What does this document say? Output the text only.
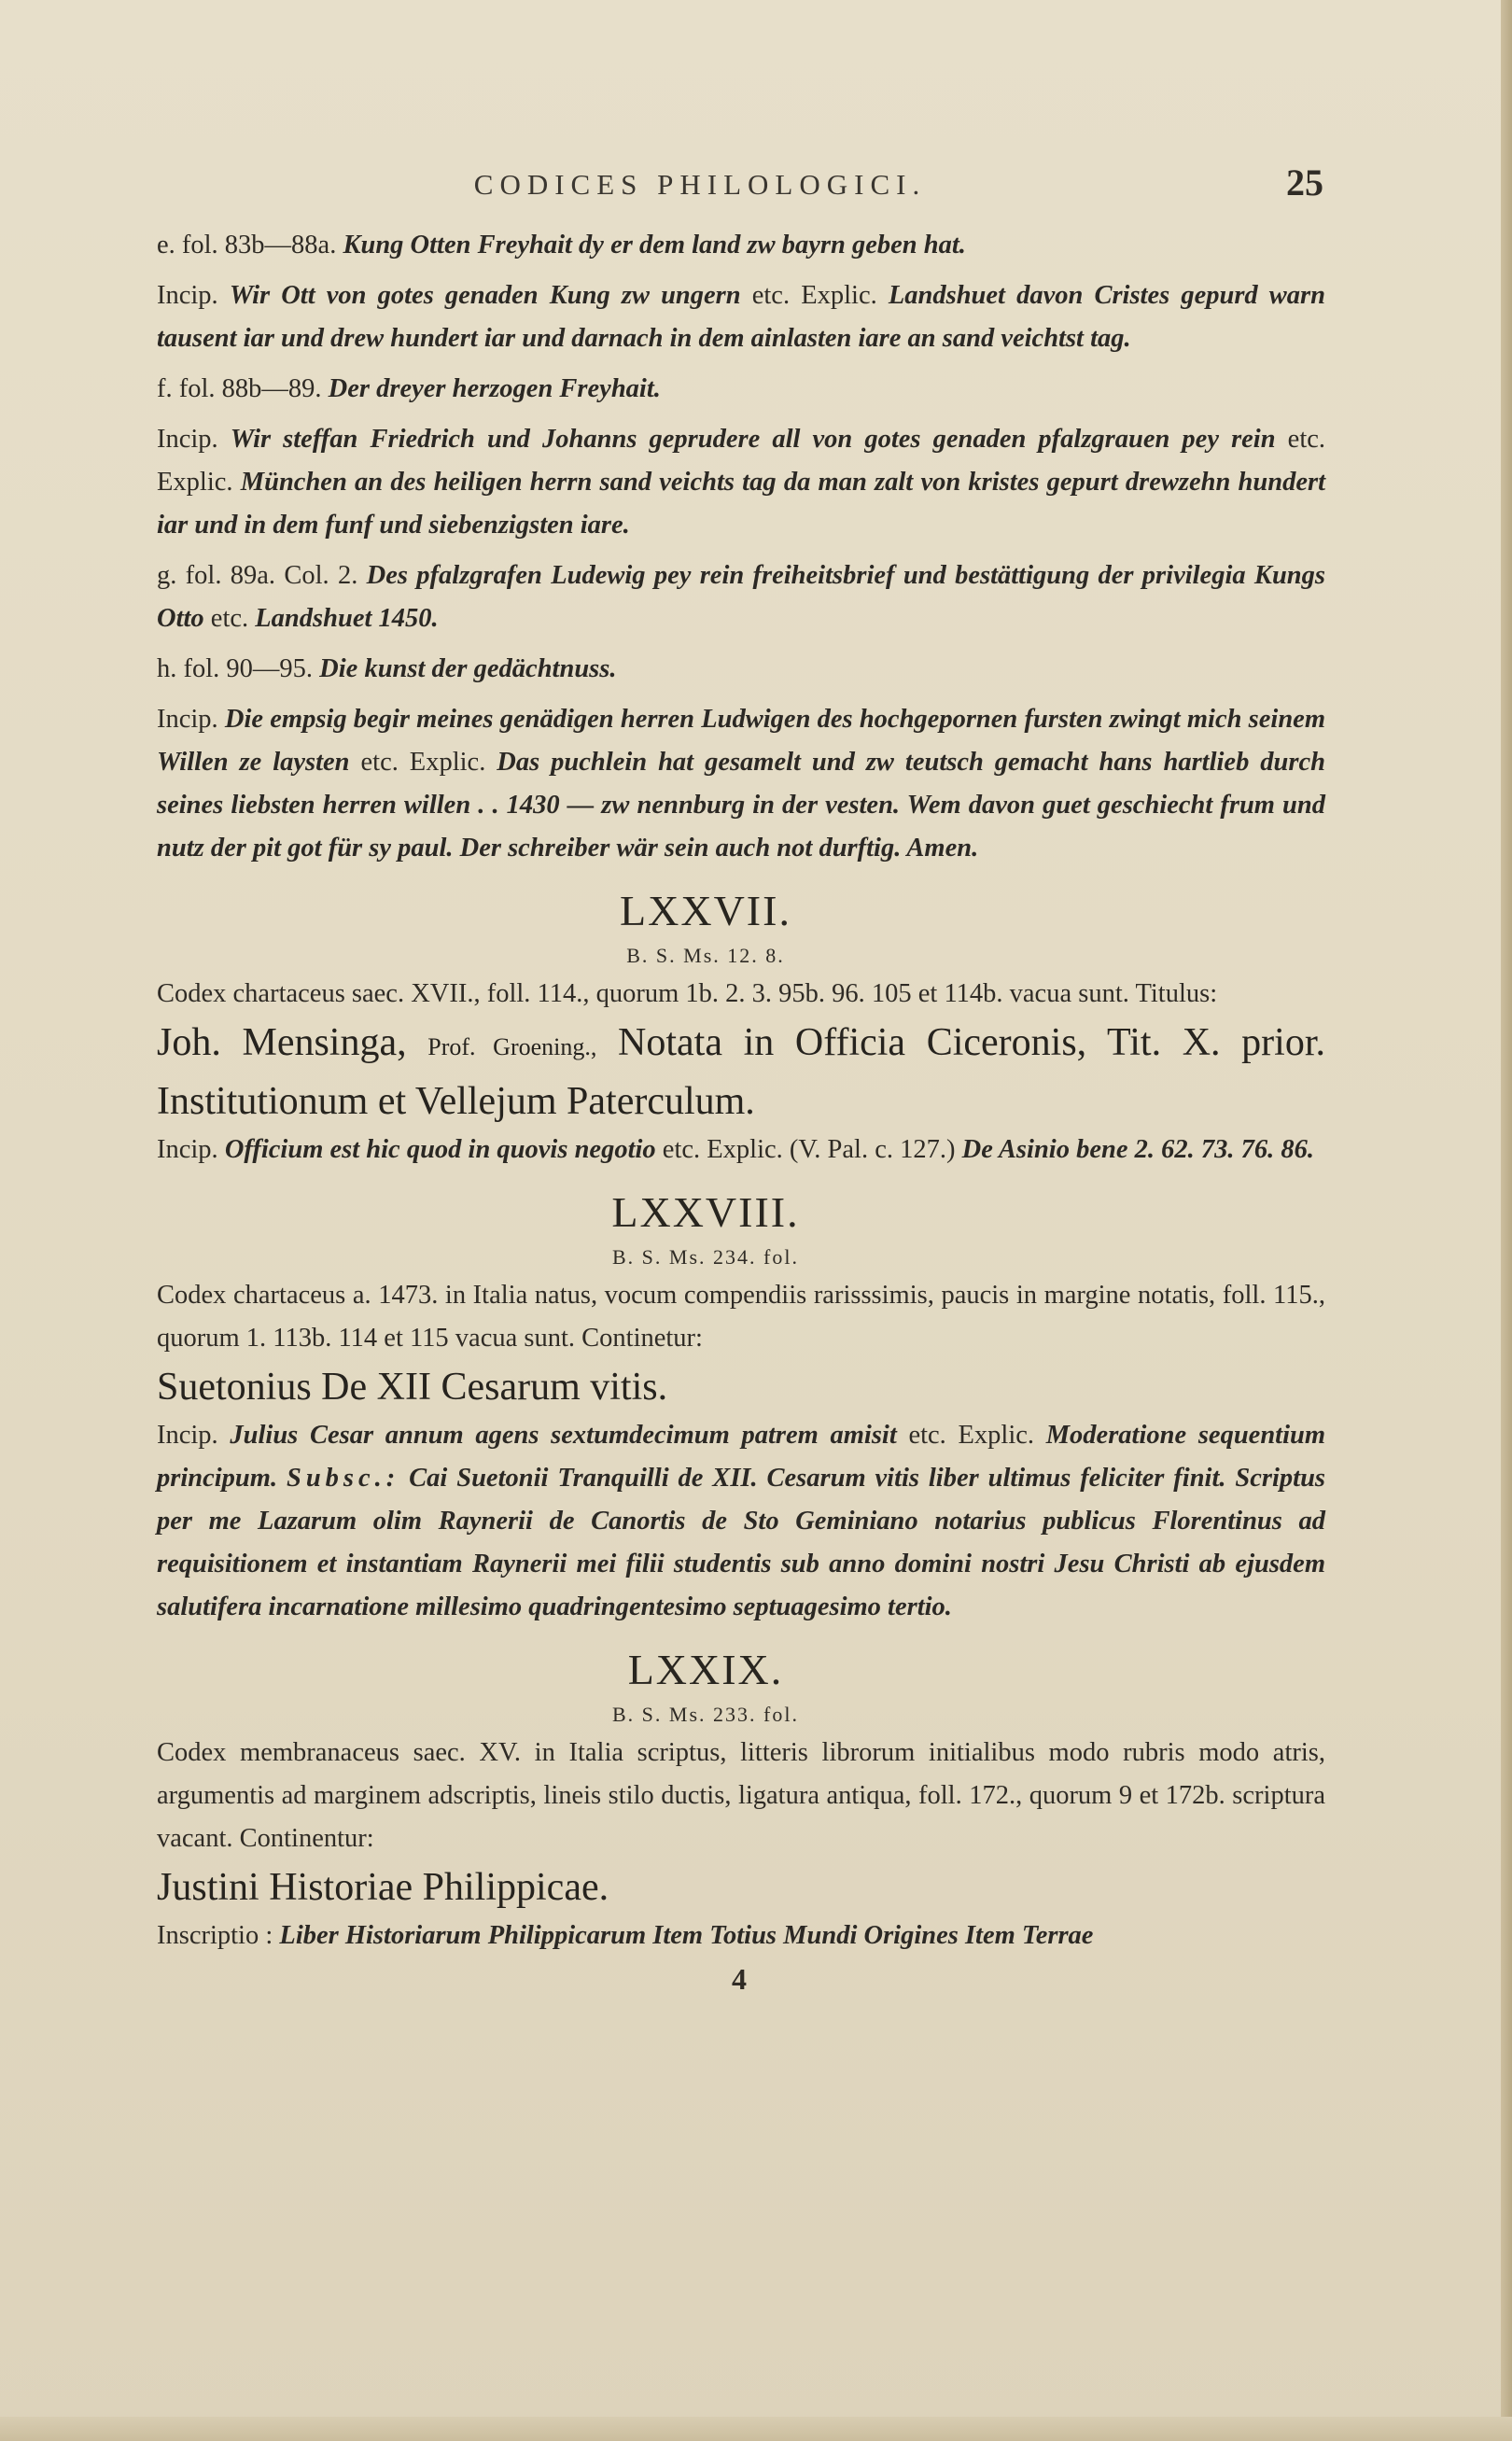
CODICES PHILOLOGICI.	25

e. fol. 83b—88a. Kung Otten Freyhait dy er dem land zw bayrn geben hat.

Incip. Wir Ott von gotes genaden Kung zw ungern etc. Explic. Landshuet davon Cristes gepurd warn tausent iar und drew hundert iar und darnach in dem ainlasten iare an sand veichtst tag.

f. fol. 88b—89. Der dreyer herzogen Freyhait.

Incip. Wir steffan Friedrich und Johanns geprudere all von gotes genaden pfalzgrauen pey rein etc. Explic. München an des heiligen herrn sand veichts tag da man zalt von kristes gepurt drewzehn hundert iar und in dem funf und siebenzigsten iare.

g. fol. 89a. Col. 2. Des pfalzgrafen Ludewig pey rein freiheitsbrief und bestättigung der privilegia Kungs Otto etc. Landshuet 1450.

h. fol. 90—95. Die kunst der gedächtnuss.

Incip. Die empsig begir meines genädigen herren Ludwigen des hochgepornen fursten zwingt mich seinem Willen ze laysten etc. Explic. Das puchlein hat gesamelt und zw teutsch gemacht hans hartlieb durch seines liebsten herren willen . . 1430 — zw nennburg in der vesten. Wem davon guet geschiecht frum und nutz der pit got für sy paul. Der schreiber wär sein auch not durftig. Amen.

LXXVII.
B. S. Ms. 12. 8.

Codex chartaceus saec. XVII., foll. 114., quorum 1b. 2. 3. 95b. 96. 105 et 114b. vacua sunt. Titulus:

Joh. Mensinga, Prof. Groening., Notata in Officia Ciceronis, Tit. X. prior. Institutionum et Vellejum Paterculum.

Incip. Officium est hic quod in quovis negotio etc. Explic. (V. Pal. c. 127.) De Asinio bene 2. 62. 73. 76. 86.

LXXVIII.
B. S. Ms. 234. fol.

Codex chartaceus a. 1473. in Italia natus, vocum compendiis rarisssimis, paucis in margine notatis, foll. 115., quorum 1. 113b. 114 et 115 vacua sunt. Continetur:

Suetonius De XII Cesarum vitis.

Incip. Julius Cesar annum agens sextumdecimum patrem amisit etc. Explic. Moderatione sequentium principum. Subsc.: Cai Suetonii Tranquilli de XII. Cesarum vitis liber ultimus feliciter finit. Scriptus per me Lazarum olim Raynerii de Canortis de Sto Geminiano notarius publicus Florentinus ad requisitionem et instantiam Raynerii mei filii studentis sub anno domini nostri Jesu Christi ab ejusdem salutifera incarnatione millesimo quadringentesimo septuagesimo tertio.

LXXIX.
B. S. Ms. 233. fol.

Codex membranaceus saec. XV. in Italia scriptus, litteris librorum initialibus modo rubris modo atris, argumentis ad marginem adscriptis, lineis stilo ductis, ligatura antiqua, foll. 172., quorum 9 et 172b. scriptura vacant. Continentur:

Justini Historiae Philippicae.

Inscriptio : Liber Historiarum Philippicarum Item Totius Mundi Origines Item Terrae

4
